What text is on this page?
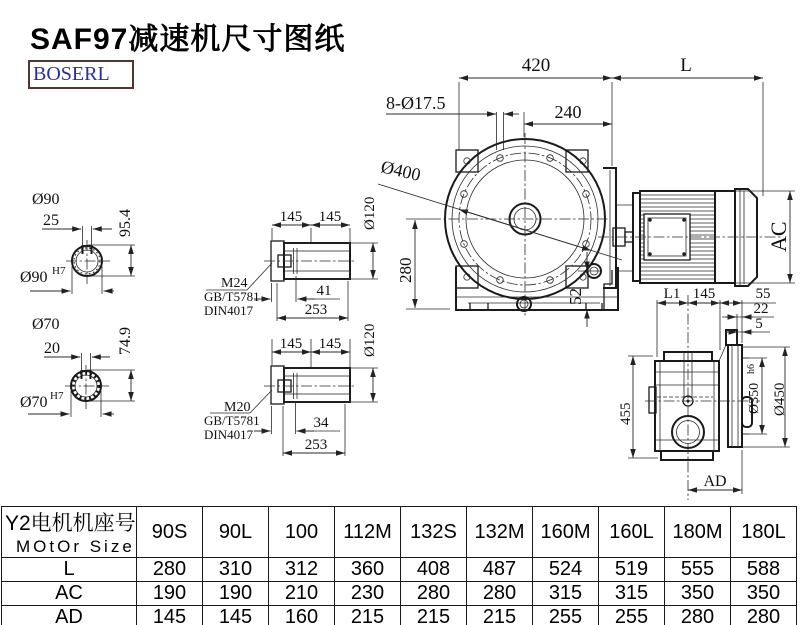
SAF97减速机尺寸图纸
BOSERL
Ø90
25	95.4
Ø90 H7
Ø70
20	74.9
Ø70 H7
145 145 Ø120
M24
GB/T5781
DIN4017
41
253
145 145 Ø120
M20
GB/T5781
DIN4017
34
253
420	L
8-Ø17.5	240
Ø400
280
52
AC
L1 145	55
22
5
455	Ø350
h6
Ø450
AD
Y2电机机座号
MOtOr Size	90S	90L	100	112M	132S	132M	160M	160L	180M	180L
L	280	310	312	360	408	487	524	519	555	588
AC	190	190	210	230	280	280	315	315	350	350
AD	145	145	160	215	215	215	255	255	280	280
